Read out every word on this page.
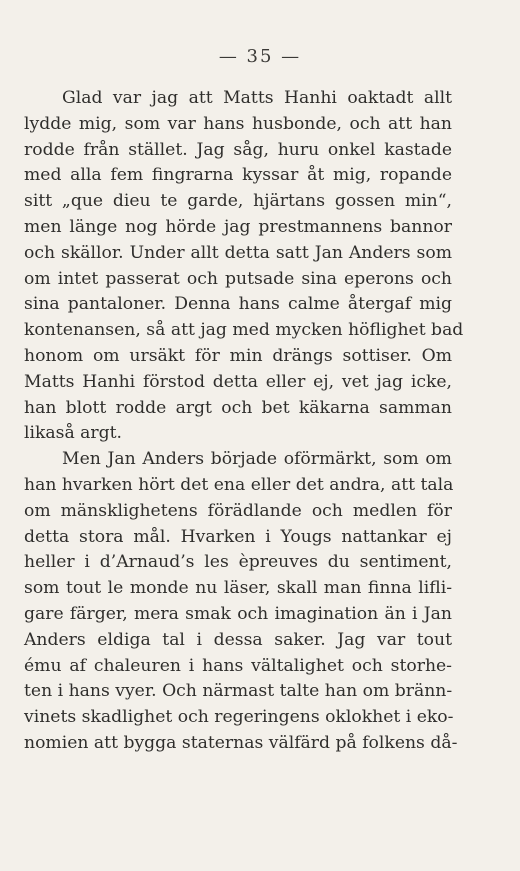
— 35 —
Glad var jag att Matts Hanhi oaktadt allt
lydde mig, som var hans husbonde, och att han
rodde från stället. Jag såg, huru onkel kastade
med alla fem fingrarna kyssar åt mig, ropande
sitt „que dieu te garde, hjärtans gossen min“,
men länge nog hörde jag prestmannens bannor
och skällor. Under allt detta satt Jan Anders som
om intet passerat och putsade sina eperons och
sina pantaloner. Denna hans calme återgaf mig
kontenansen, så att jag med mycken höflighet bad
honom om ursäkt för min drängs sottiser. Om
Matts Hanhi förstod detta eller ej, vet jag icke,
han blott rodde argt och bet käkarna samman
likaså argt.
Men Jan Anders började oförmärkt, som om
han hvarken hört det ena eller det andra, att tala
om mänsklighetens förädlande och medlen för
detta stora mål. Hvarken i Yougs nattankar ej
heller i d’Arnaud’s les èpreuves du sentiment,
som tout le monde nu läser, skall man finna lifli-
gare färger, mera smak och imagination än i Jan
Anders eldiga tal i dessa saker. Jag var tout
ému af chaleuren i hans vältalighet och storhe-
ten i hans vyer. Och närmast talte han om bränn-
vinets skadlighet och regeringens oklokhet i eko-
nomien att bygga staternas välfärd på folkens då-
